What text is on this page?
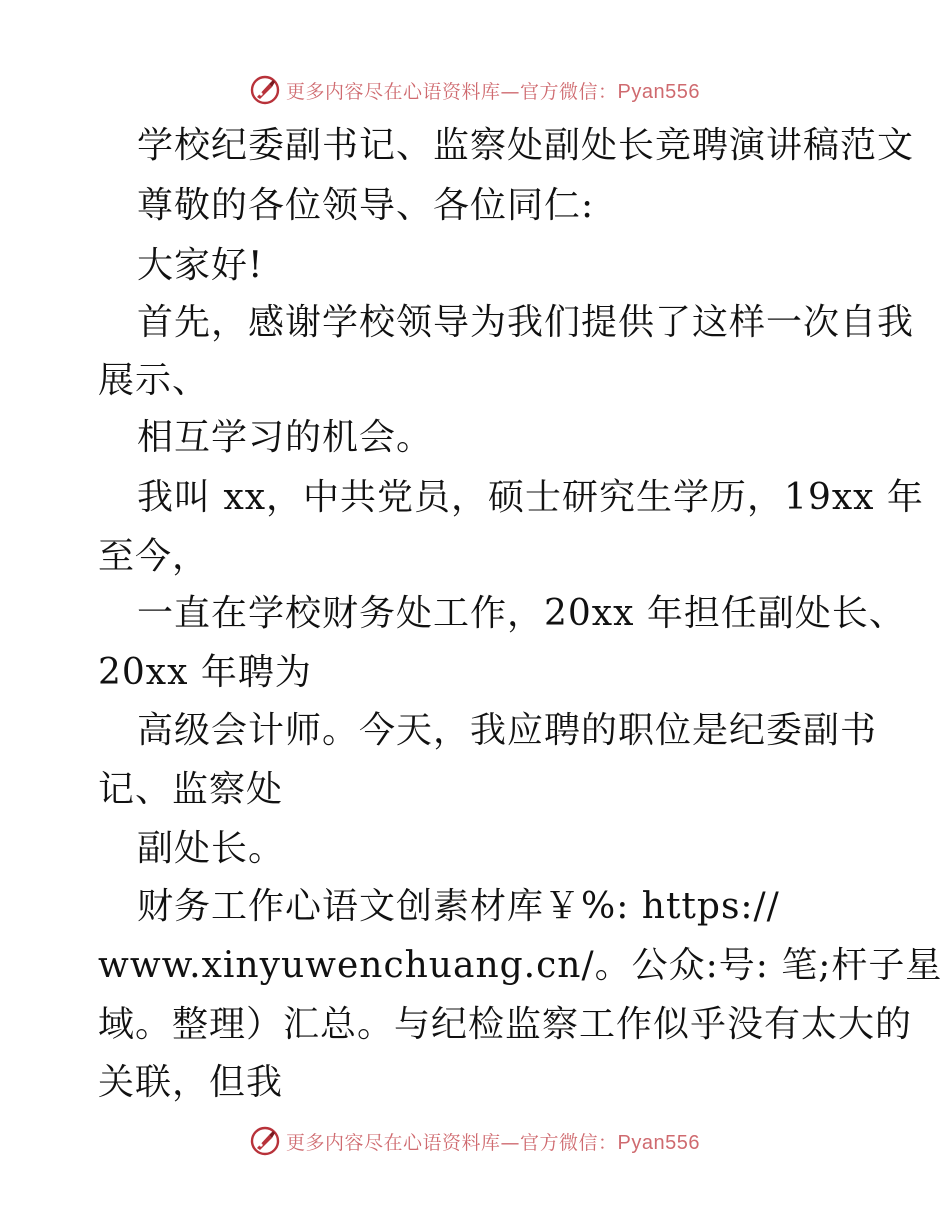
更多内容尽在心语资料库—官方微信：Pyan556
学校纪委副书记、监察处副处长竞聘演讲稿范文
尊敬的各位领导、各位同仁:
大家好!
首先，感谢学校领导为我们提供了这样一次自我
展示、
相互学习的机会。
我叫 xx，中共党员，硕士研究生学历，19xx 年
至今，
一直在学校财务处工作，20xx 年担任副处长、
20xx 年聘为
高级会计师。今天，我应聘的职位是纪委副书
记、监察处
副处长。
财务工作心语文创素材库￥%: https://
www.xinyuwenchuang.cn/。公众:号: 笔;杆子星
域。整理）汇总。与纪检监察工作似乎没有太大的
关联，但我
更多内容尽在心语资料库—官方微信：Pyan556
